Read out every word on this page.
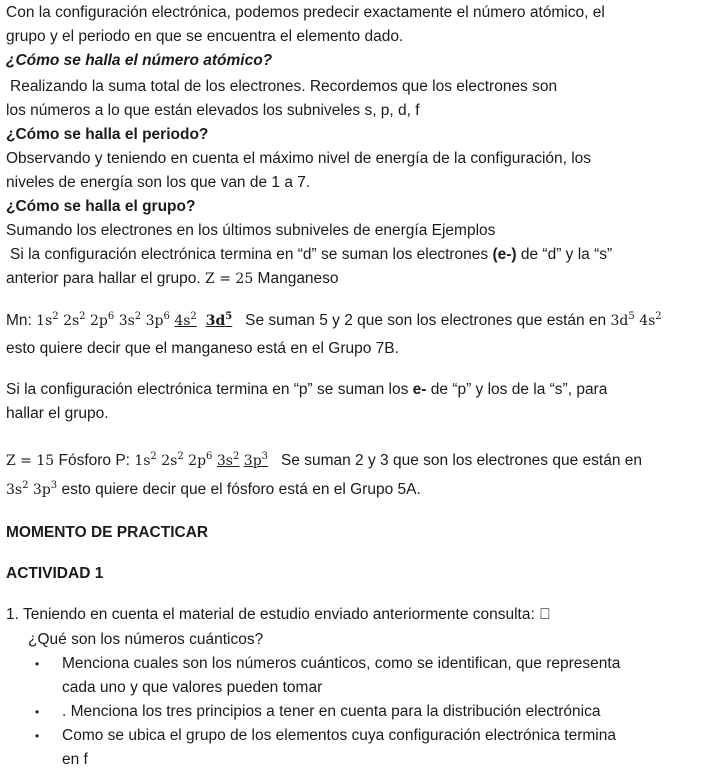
Con la configuración electrónica, podemos predecir exactamente el número atómico, el
grupo y el periodo en que se encuentra el elemento dado.
¿Cómo se halla el número atómico?
Realizando la suma total de los electrones. Recordemos que los electrones son
los números a lo que están elevados los subniveles s, p, d, f
¿Cómo se halla el periodo?
Observando y teniendo en cuenta el máximo nivel de energía de la configuración, los
niveles de energía son los que van de 1 a 7.
¿Cómo se halla el grupo?
Sumando los electrones en los últimos subniveles de energía Ejemplos
Si la configuración electrónica termina en “d” se suman los electrones (e-) de “d” y la “s”
anterior para hallar el grupo. Z = 25 Manganeso
Mn: $1s^2$ $2s^2$ $2p^6$ $3s^2$ $3p^6$ $4s^2$ $3d^5$ Se suman 5 y 2 que son los electrones que están en $3d^5$ $4s^2$
esto quiere decir que el manganeso está en el Grupo 7B.
Si la configuración electrónica termina en “p” se suman los e- de “p” y los de la “s”, para
hallar el grupo.
Z = 15 Fósforo P: $1s^2$ $2s^2$ $2p^6$ $3s^2$ $3p^3$ Se suman 2 y 3 que son los electrones que están en
$3s^2$ $3p^3$ esto quiere decir que el fósforo está en el Grupo 5A.
MOMENTO DE PRACTICAR
ACTIVIDAD 1
1. Teniendo en cuenta el material de estudio enviado anteriormente consulta:
¿Qué son los números cuánticos?
• Menciona cuales son los números cuánticos, como se identifican, que representa
cada uno y que valores pueden tomar
• . Menciona los tres principios a tener en cuenta para la distribución electrónica
• Como se ubica el grupo de los elementos cuya configuración electrónica termina
en f
